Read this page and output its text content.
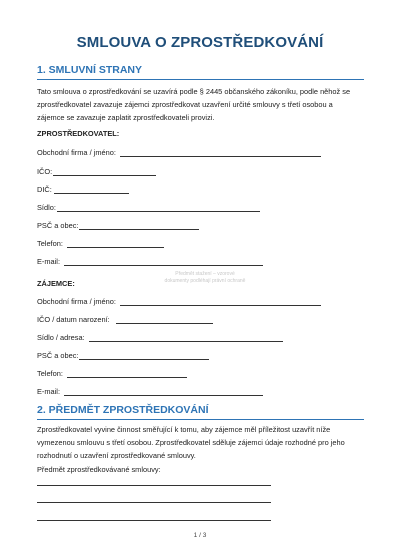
SMLOUVA O ZPROSTŘEDKOVÁNÍ
1. SMLUVNÍ STRANY
Tato smlouva o zprostředkování se uzavírá podle § 2445 občanského zákoníku, podle něhož se
zprostředkovatel zavazuje zájemci zprostředkovat uzavření určité smlouvy s třetí osobou a
zájemce se zavazuje zaplatit zprostředkovateli provizi.
ZPROSTŘEDKOVATEL:
Obchodní firma / jméno:
IČO:
DIČ:
Sídlo:
PSČ a obec:
Telefon:
E-mail:
ZÁJEMCE:
Obchodní firma / jméno:
IČO / datum narození:
Sídlo / adresa:
PSČ a obec:
Telefon:
E-mail:
2. PŘEDMĚT ZPROSTŘEDKOVÁNÍ
Zprostředkovatel vyvine činnost směřující k tomu, aby zájemce měl příležitost uzavřít níže
vymezenou smlouvu s třetí osobou. Zprostředkovatel sděluje zájemci údaje rozhodné pro jeho
rozhodnutí o uzavření zprostředkované smlouvy.
Předmět zprostředkovávané smlouvy:
Předmět stažení – vzorové
dokumenty podléhají právní ochraně
1 / 3
